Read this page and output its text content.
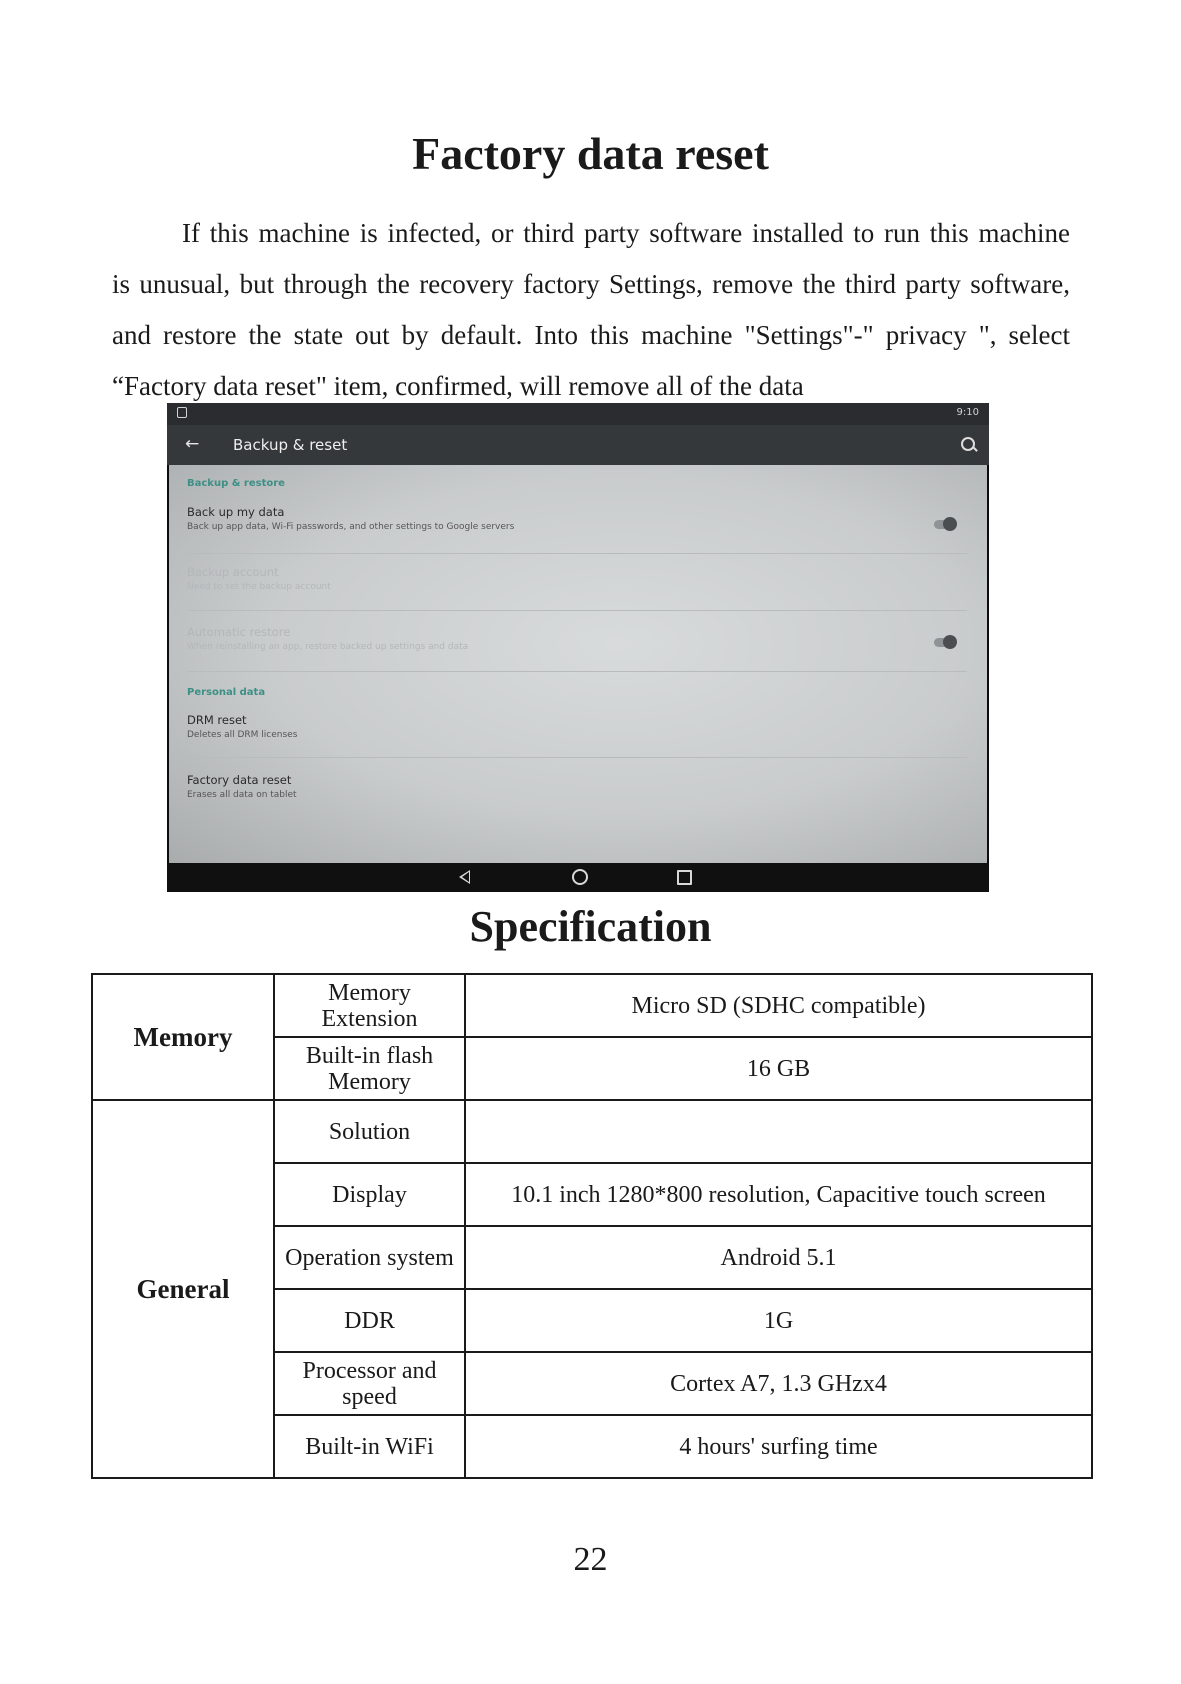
Factory data reset
If this machine is infected, or third party software installed to run this machine
is unusual, but through the recovery factory Settings, remove the third party software,
and restore the state out by default. Into this machine "Settings"-" privacy ", select
“Factory data reset" item, confirmed, will remove all of the data
9:10
← Backup & reset
Backup & restore
Back up my data
Back up app data, Wi-Fi passwords, and other settings to Google servers
Backup account
Need to set the backup account
Automatic restore
When reinstalling an app, restore backed up settings and data
Personal data
DRM reset
Deletes all DRM licenses
Factory data reset
Erases all data on tablet
Specification
Memory	Memory Extension	Micro SD (SDHC compatible)
	Built-in flash Memory	16 GB
General	Solution	
	Display	10.1 inch 1280*800 resolution, Capacitive touch screen
	Operation system	Android 5.1
	DDR	1G
	Processor and speed	Cortex A7, 1.3 GHzx4
	Built-in WiFi	4 hours' surfing time
22
